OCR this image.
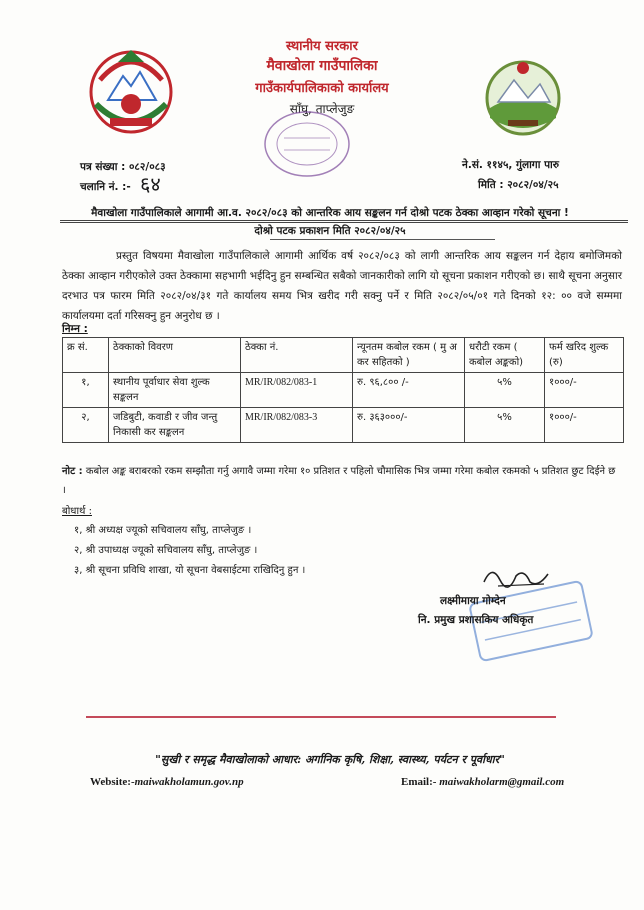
स्थानीय सरकार
मैवाखोला गाउँपालिका
गाउँकार्यपालिकाको कार्यालय
साँघु, ताप्लेजुङ
पत्र संख्या : ०८२/०८३
चलानि नं. :- ६४
ने.सं. ११४५, गुंलागा पारु
मिति : २०८२/०४/२५
मैवाखोला गाउँपालिकाले आगामी आ.व. २०८२/०८३ को आन्तरिक आय सङ्कलन गर्न दोश्रो पटक ठेक्का आव्हान गरेको सूचना !
दोश्रो पटक प्रकाशन मिति २०८२/०४/२५
प्रस्तुत विषयमा मैवाखोला गाउँपालिकाले आगामी आर्थिक वर्ष २०८२/०८३ को लागी आन्तरिक आय सङ्कलन गर्न देहाय बमोजिमको ठेक्का आव्हान गरीएकोले उक्त ठेक्कामा सहभागी भईदिनु हुन सम्बन्धित सबैको जानकारीको लागि यो सूचना प्रकाशन गरीएको छ। साथै सूचना अनुसार दरभाउ पत्र फारम मिति २०८२/०४/३१ गते कार्यालय समय भित्र खरीद गरी सक्नु पर्ने र मिति २०८२/०५/०१ गते दिनको १२: ०० वजे सम्ममा कार्यालयमा दर्ता गरिसक्नु हुन अनुरोध छ ।
निम्न :
क्र सं.	ठेक्काको विवरण	ठेक्का नं.	न्यूनतम कबोल रकम ( मु अ कर सहितको )	धरौटी रकम ( कबोल अङ्कको)	फर्म खरिद शुल्क (रु)
१,	स्थानीय पूर्वाधार सेवा शुल्क सङ्कलन	MR/IR/082/083-1	रु. ९६,८०० /-	५%	१०००/-
२,	जडिबुटी, कवाडी र जीव जन्तु निकासी कर सङ्कलन	MR/IR/082/083-3	रु. ३६३०००/-	५%	१०००/-
नोट : कबोल अङ्क बराबरको रकम सम्झौता गर्नु अगावै जम्मा गरेमा १० प्रतिशत र पहिलो चौमासिक भित्र जम्मा गरेमा कबोल रकमको ५ प्रतिशत छुट दिईने छ ।
बोधार्थ :
१, श्री अध्यक्ष ज्यूको सचिवालय साँघु, ताप्लेजुङ ।
२, श्री उपाध्यक्ष ज्यूको सचिवालय साँघु, ताप्लेजुङ ।
३, श्री सूचना प्रविधि शाखा, यो सूचना वेबसाईटमा राखिदिनु हुन ।
लक्ष्मीमाया गोम्देन
नि. प्रमुख प्रशासकिय अधिकृत
"सुखी र समृद्ध मैवाखोलाको आधार: अर्गानिक कृषि, शिक्षा, स्वास्थ्य, पर्यटन र पूर्वाधार"
Website:-maiwakholamun.gov.np	Email:- maiwakholarm@gmail.com
